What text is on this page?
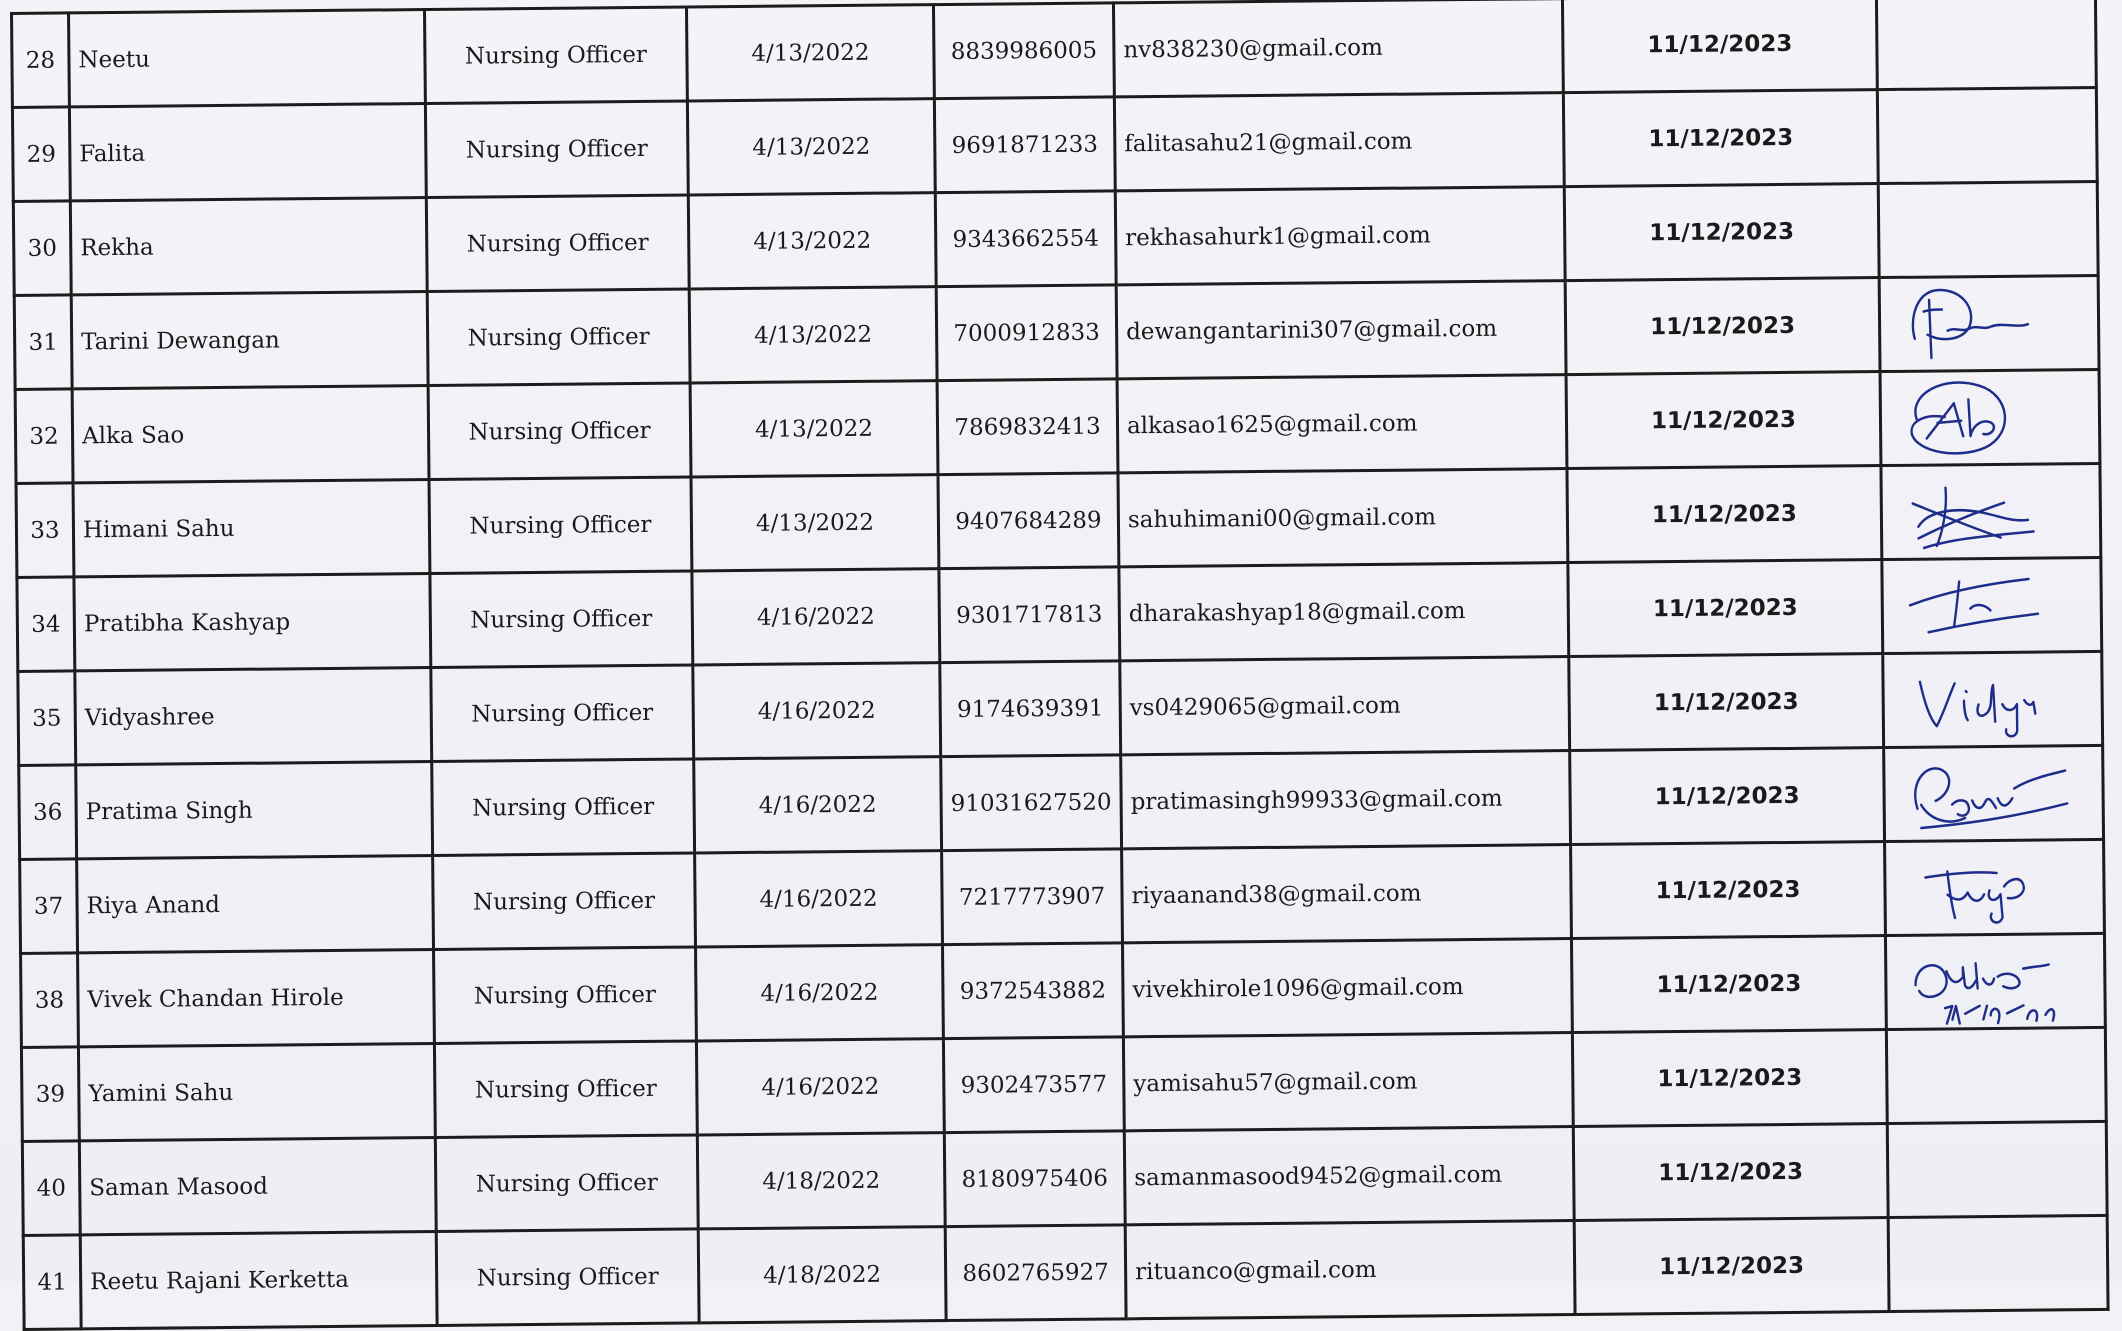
28	Neetu	Nursing Officer	4/13/2022	8839986005	nv838230@gmail.com	11/12/2023	
29	Falita	Nursing Officer	4/13/2022	9691871233	falitasahu21@gmail.com	11/12/2023	
30	Rekha	Nursing Officer	4/13/2022	9343662554	rekhasahurk1@gmail.com	11/12/2023	
31	Tarini Dewangan	Nursing Officer	4/13/2022	7000912833	dewangantarini307@gmail.com	11/12/2023	

32	Alka Sao	Nursing Officer	4/13/2022	7869832413	alkasao1625@gmail.com	11/12/2023	

33	Himani Sahu	Nursing Officer	4/13/2022	9407684289	sahuhimani00@gmail.com	11/12/2023	

34	Pratibha Kashyap	Nursing Officer	4/16/2022	9301717813	dharakashyap18@gmail.com	11/12/2023	

35	Vidyashree	Nursing Officer	4/16/2022	9174639391	vs0429065@gmail.com	11/12/2023	

36	Pratima Singh	Nursing Officer	4/16/2022	91031627520	pratimasingh99933@gmail.com	11/12/2023	

37	Riya Anand	Nursing Officer	4/16/2022	7217773907	riyaanand38@gmail.com	11/12/2023	

38	Vivek Chandan Hirole	Nursing Officer	4/16/2022	9372543882	vivekhirole1096@gmail.com	11/12/2023	

39	Yamini Sahu	Nursing Officer	4/16/2022	9302473577	yamisahu57@gmail.com	11/12/2023	
40	Saman Masood	Nursing Officer	4/18/2022	8180975406	samanmasood9452@gmail.com	11/12/2023	
41	Reetu Rajani Kerketta	Nursing Officer	4/18/2022	8602765927	rituanco@gmail.com	11/12/2023	
